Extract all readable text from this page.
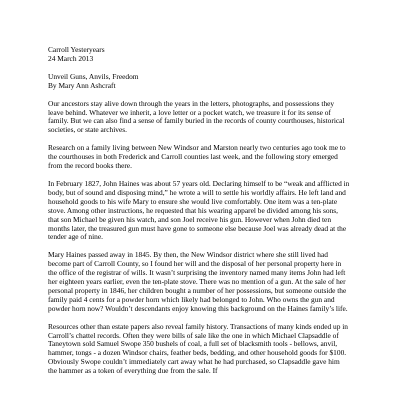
Carroll Yesteryears
24 March 2013
Unveil Guns, Anvils, Freedom
By Mary Ann Ashcraft

Our ancestors stay alive down through the years in the letters, photographs, and possessions they leave behind. Whatever we inherit, a love letter or a pocket watch, we treasure it for its sense of family. But we can also find a sense of family buried in the records of county courthouses, historical societies, or state archives.

Research on a family living between New Windsor and Marston nearly two centuries ago took me to the courthouses in both Frederick and Carroll counties last week, and the following story emerged from the record books there.

In February 1827, John Haines was about 57 years old. Declaring himself to be “weak and afflicted in body, but of sound and disposing mind,” he wrote a will to settle his worldly affairs. He left land and household goods to his wife Mary to ensure she would live comfortably. One item was a ten-plate stove. Among other instructions, he requested that his wearing apparel be divided among his sons, that son Michael be given his watch, and son Joel receive his gun. However when John died ten months later, the treasured gun must have gone to someone else because Joel was already dead at the tender age of nine.

Mary Haines passed away in 1845. By then, the New Windsor district where she still lived had become part of Carroll County, so I found her will and the disposal of her personal property here in the office of the registrar of wills. It wasn’t surprising the inventory named many items John had left her eighteen years earlier, even the ten-plate stove. There was no mention of a gun. At the sale of her personal property in 1846, her children bought a number of her possessions, but someone outside the family paid 4 cents for a powder horn which likely had belonged to John. Who owns the gun and powder horn now? Wouldn’t descendants enjoy knowing this background on the Haines family’s life.

Resources other than estate papers also reveal family history. Transactions of many kinds ended up in Carroll’s chattel records. Often they were bills of sale like the one in which Michael Clapsaddle of Taneytown sold Samuel Swope 350 bushels of coal, a full set of blacksmith tools - bellows, anvil, hammer, tongs - a dozen Windsor chairs, feather beds, bedding, and other household goods for $100. Obviously Swope couldn’t immediately cart away what he had purchased, so Clapsaddle gave him the hammer as a token of everything due from the sale. If
